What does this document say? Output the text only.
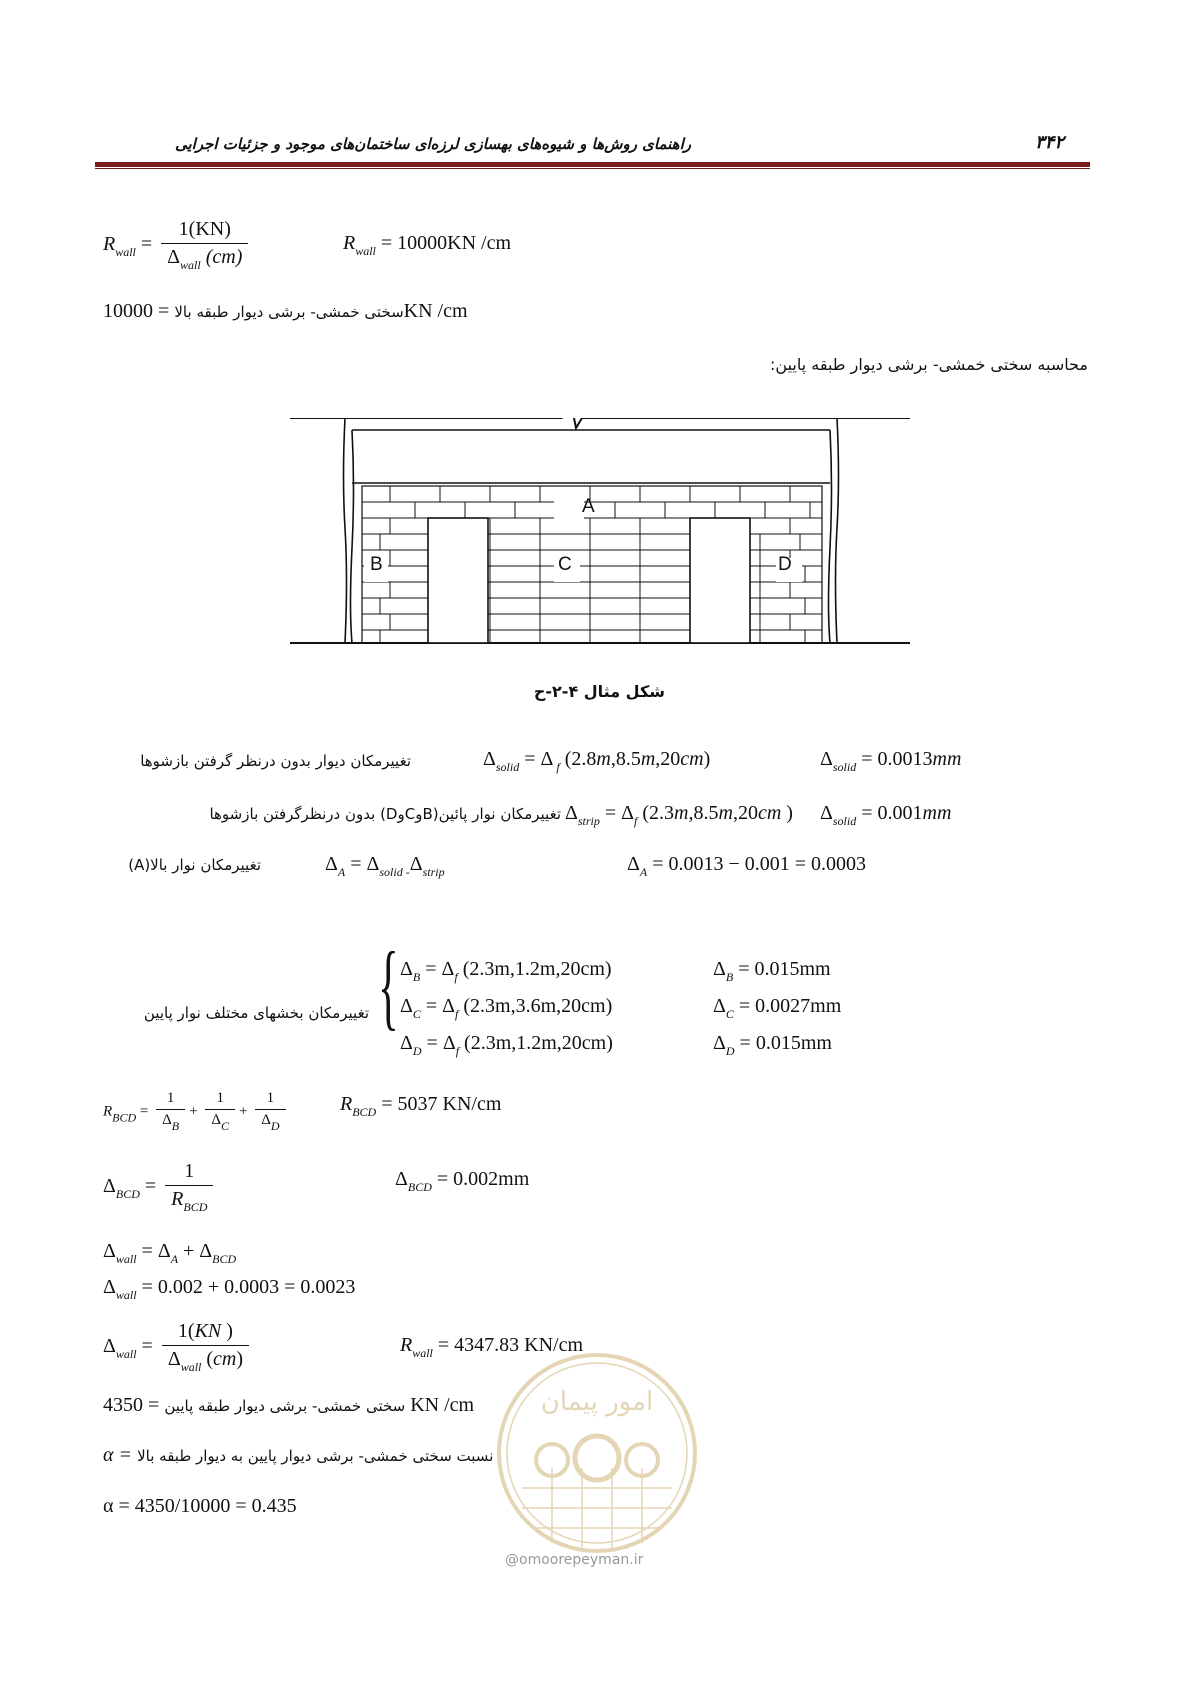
۳۴۲
راهنمای روش‌ها و شیوه‌های بهسازی لرزه‌ای ساختمان‌های موجود و جزئیات اجرایی
$R_{wall} = \frac{1(KN)}{\Delta_{wall} (cm)}$	$R_{wall} = 10000KN$ /cm
سختی خمشی- برشی دیوار طبقه بالا = 10000KN /cm
محاسبه سختی خمشی- برشی دیوار طبقه پایین:
A
B	C	D
شکل مثال ۴-۲-ح
تغییرمکان دیوار بدون درنظر گرفتن بازشوها	$\Delta_{solid} = \Delta$ $_f$ (2.8m,8.5m,20cm)	$\Delta_{solid} = 0.0013mm$
تغییرمکان نوار پائین(BوCوD) بدون درنظرگرفتن بازشوها $\Delta_{strip} = \Delta_f$ (2.3m,8.5m,20cm ) $\Delta_{solid} = 0.001mm$
تغییرمکان نوار بالا(A)	$\Delta_A = \Delta_{solid -}\Delta_{strip}$	$\Delta_A = 0.0013 - 0.001 = 0.0003$
تغییرمکان بخشهای مختلف نوار پایین { $\Delta_B = \Delta_f$ (2.3m,1.2m,20cm)	$\Delta_B = 0.015mm$
$\Delta_C = \Delta_f$ (2.3m,3.6m,20cm)	$\Delta_C = 0.0027mm$
$\Delta_D = \Delta_f$ (2.3m,1.2m,20cm)	$\Delta_D = 0.015mm$
$R_{BCD} = \frac{1}{\Delta_B} + \frac{1}{\Delta_C} + \frac{1}{\Delta_D}$	$R_{BCD} = 5037$ KN/cm
$\Delta_{BCD} = \frac{1}{R_{BCD}}$	$\Delta_{BCD} = 0.002mm$
$\Delta_{wall} = \Delta_A + \Delta_{BCD}$
$\Delta_{wall} = 0.002 + 0.0003 = 0.0023$
$\Delta_{wall} = \frac{1(KN )}{\Delta_{wall} (cm)}$	$R_{wall} = 4347.83$ KN/cm
امور پیمان
@omoorepeyman.ir
سختی خمشی- برشی دیوار طبقه پایین = 4350 KN /cm
α = نسبت سختی خمشی- برشی دیوار پایین به دیوار طبقه بالا
α = 4350/10000 = 0.435
